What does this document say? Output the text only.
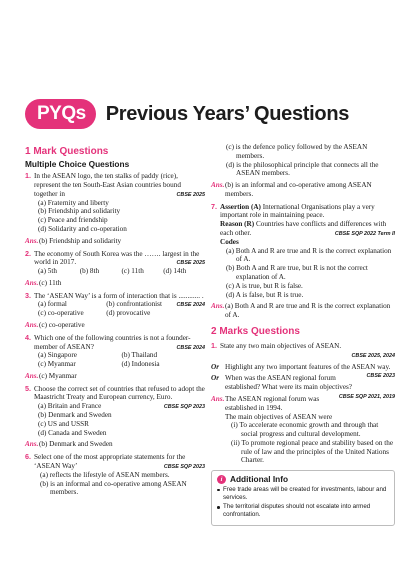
PYQs	Previous Years’ Questions
1 Mark Questions
Multiple Choice Questions
1. In the ASEAN logo, the ten stalks of paddy (rice), represent the ten South-East Asian countries bound together in	CBSE 2025
(a) Fraternity and liberty
(b) Friendship and solidarity
(c) Peace and friendship
(d) Solidarity and co-operation
Ans. (b) Friendship and solidarity
2. The economy of South Korea was the ……. largest in the world in 2017.	CBSE 2025
(a) 5th	(b) 8th	(c) 11th	(d) 14th
Ans. (c) 11th
3. The ‘ASEAN Way’ is a form of interaction that is ............ .
CBSE 2024
(a) formal	(b) confrontationist
(c) co-operative	(d) provocative
Ans. (c) co-operative
4. Which one of the following countries is not a founder-member of ASEAN?	CBSE 2024
(a) Singapore	(b) Thailand
(c) Myanmar	(d) Indonesia
Ans. (c) Myanmar
5. Choose the correct set of countries that refused to adopt the Maastricht Treaty and European currency, Euro.
CBSE SQP 2023
(a) Britain and France
(b) Denmark and Sweden
(c) US and USSR
(d) Canada and Sweden
Ans. (b) Denmark and Sweden
6. Select one of the most appropriate statements for the ‘ASEAN Way’	CBSE SQP 2023
(a) reflects the lifestyle of ASEAN members.
(b) is an informal and co-operative among ASEAN members.
(c) is the defence policy followed by the ASEAN members.
(d) is the philosophical principle that connects all the ASEAN members.
Ans. (b) is an informal and co-operative among ASEAN members.
7. Assertion (A) International Organisations play a very important role in maintaining peace.
Reason (R) Countries have conflicts and differences with each other.	CBSE SQP 2022 Term II
Codes
(a) Both A and R are true and R is the correct explanation of A.
(b) Both A and R are true, but R is not the correct explanation of A.
(c) A is true, but R is false.
(d) A is false, but R is true.
Ans. (a) Both A and R are true and R is the correct explanation of A.
2 Marks Questions
1. State any two main objectives of ASEAN.
CBSE 2025, 2024
Or Highlight any two important features of the ASEAN way.
CBSE 2023
Or When was the ASEAN regional forum established? What were its main objectives?
CBSE SQP 2021, 2019
Ans. The ASEAN regional forum was established in 1994.
The main objectives of ASEAN were
(i) To accelerate economic growth and through that social progress and cultural development.
(ii) To promote regional peace and stability based on the rule of law and the principles of the United Nations Charter.
i Additional Info
Free trade areas will be created for investments, labour and services.
The territorial disputes should not escalate into armed confrontation.
